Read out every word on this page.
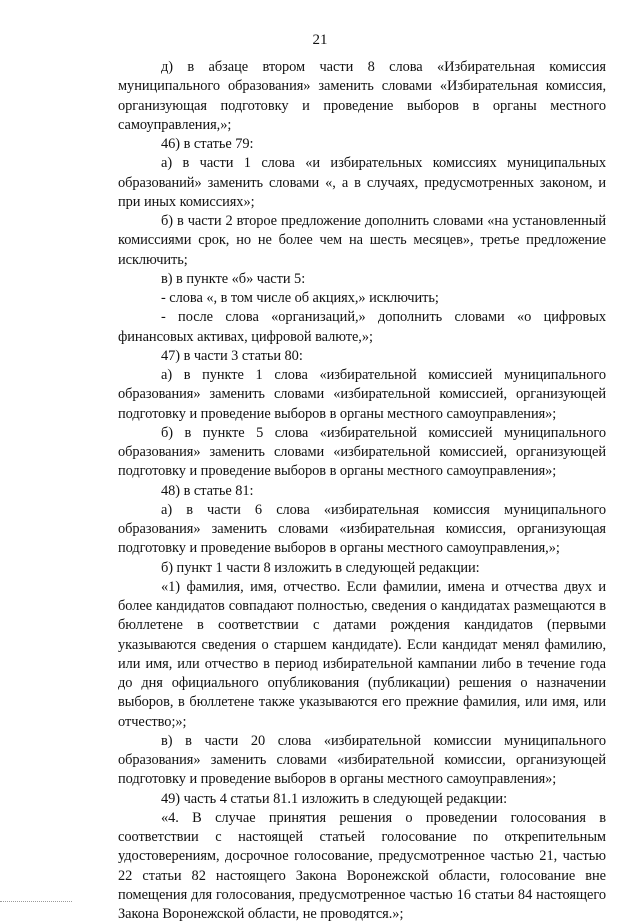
21

д) в абзаце втором части 8 слова «Избирательная комиссия муниципального образования» заменить словами «Избирательная комиссия, организующая подготовку и проведение выборов в органы местного самоуправления,»;

46) в статье 79:

а) в части 1 слова «и избирательных комиссиях муниципальных образований» заменить словами «, а в случаях, предусмотренных законом, и при иных комиссиях»;

б) в части 2 второе предложение дополнить словами «на установленный комиссиями срок, но не более чем на шесть месяцев», третье предложение исключить;

в) в пункте «б» части 5:

- слова «, в том числе об акциях,» исключить;

- после слова «организаций,» дополнить словами «о цифровых финансовых активах, цифровой валюте,»;

47) в части 3 статьи 80:

а) в пункте 1 слова «избирательной комиссией муниципального образования» заменить словами «избирательной комиссией, организующей подготовку и проведение выборов в органы местного самоуправления»;

б) в пункте 5 слова «избирательной комиссией муниципального образования» заменить словами «избирательной комиссией, организующей подготовку и проведение выборов в органы местного самоуправления»;

48) в статье 81:

а) в части 6 слова «избирательная комиссия муниципального образования» заменить словами «избирательная комиссия, организующая подготовку и проведение выборов в органы местного самоуправления,»;

б) пункт 1 части 8 изложить в следующей редакции:

«1) фамилия, имя, отчество. Если фамилии, имена и отчества двух и более кандидатов совпадают полностью, сведения о кандидатах размещаются в бюллетене в соответствии с датами рождения кандидатов (первыми указываются сведения о старшем кандидате). Если кандидат менял фамилию, или имя, или отчество в период избирательной кампании либо в течение года до дня официального опубликования (публикации) решения о назначении выборов, в бюллетене также указываются его прежние фамилия, или имя, или отчество;»;

в) в части 20 слова «избирательной комиссии муниципального образования» заменить словами «избирательной комиссии, организующей подготовку и проведение выборов в органы местного самоуправления»;

49) часть 4 статьи 81.1 изложить в следующей редакции:

«4. В случае принятия решения о проведении голосования в соответствии с настоящей статьей голосование по открепительным удостоверениям, досрочное голосование, предусмотренное частью 21, частью 22 статьи 82 настоящего Закона Воронежской области, голосование вне помещения для голосования, предусмотренное частью 16 статьи 84 настоящего Закона Воронежской области, не проводятся.»;
